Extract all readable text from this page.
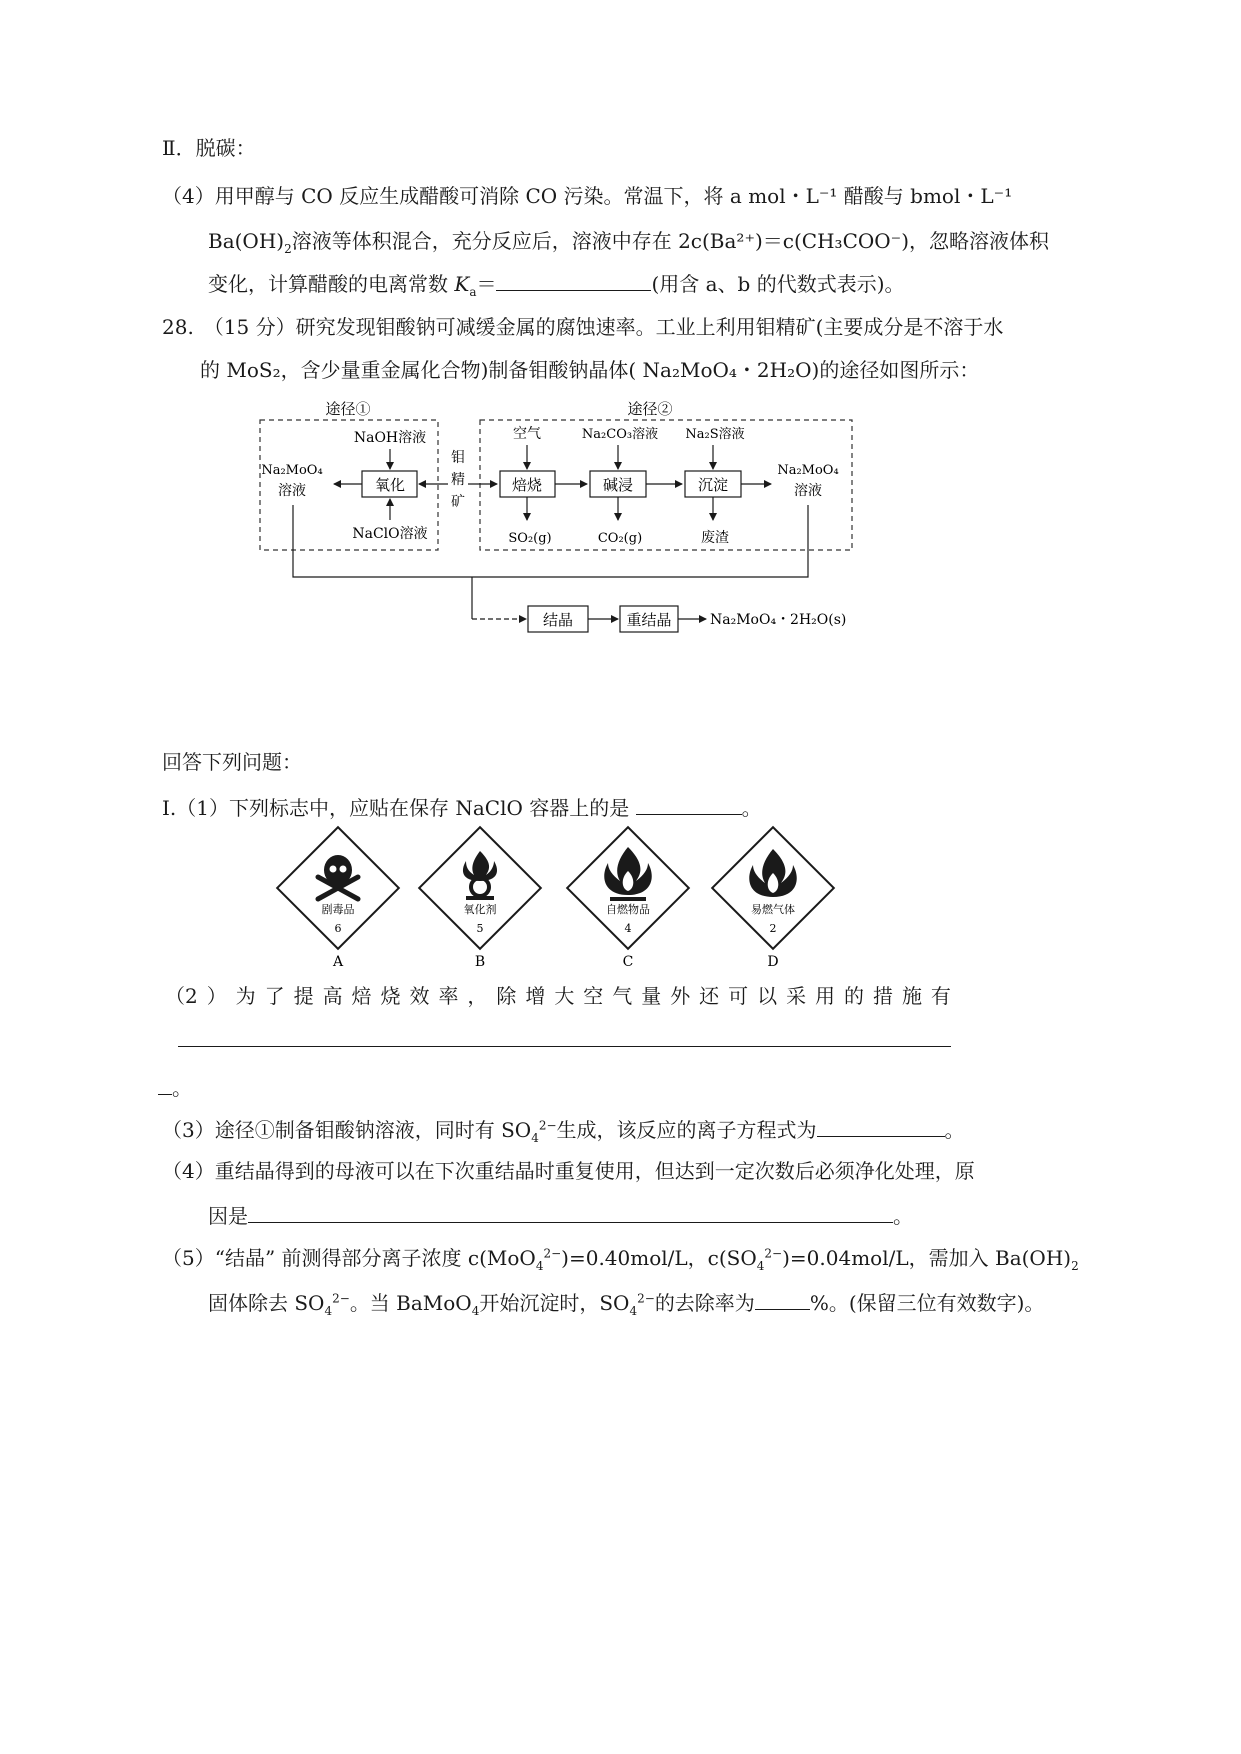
Ⅱ．脱碳：
（4）用甲醇与 CO 反应生成醋酸可消除 CO 污染。常温下，将 a mol・L⁻¹ 醋酸与 bmol・L⁻¹
$Ba(OH)_2$溶液等体积混合，充分反应后，溶液中存在 2c(Ba²⁺)＝c(CH₃COO⁻)，忽略溶液体积
变化，计算醋酸的电离常数 $K_a=$	(用含 a、b 的代数式表示)。
28.　（15 分）研究发现钼酸钠可减缓金属的腐蚀速率。工业上利用钼精矿(主要成分是不溶于水
的 MoS₂，含少量重金属化合物)制备钼酸钠晶体( Na₂MoO₄・2H₂O)的途径如图所示：
途径①	途径②
NaOH溶液
氧化
NaClO溶液
Na₂MoO₄
溶液
钼
精
矿
空气
焙烧
SO₂(g)
Na₂CO₃溶液
碱浸
CO₂(g)
Na₂S溶液
沉淀
废渣
Na₂MoO₄
溶液
结晶	重结晶	Na₂MoO₄・2H₂O(s)
回答下列问题：
Ⅰ.（1）下列标志中，应贴在保存 NaClO 容器上的是	。
剧毒品
6
A
氧化剂
5
B
自燃物品
4
C
易燃气体
2
D
（2 ） 为 了 提 高 焙 烧 效 率 ， 除 增 大 空 气 量 外 还 可 以 采 用 的 措 施 有
。
（3）途径①制备钼酸钠溶液，同时有 $SO_4^{2-}$生成，该反应的离子方程式为	。
（4）重结晶得到的母液可以在下次重结晶时重复使用，但达到一定次数后必须净化处理，原
因是	。
（5）“结晶” 前测得部分离子浓度 c(MoO$_4^{2-}$)=0.40mol/L，$c(SO_4^{2-})=0.04mol/L$，需加入 $Ba(OH)_2$
固体除去 $SO_4^{2-}$。当 BaMoO$_4$开始沉淀时，$SO_4^{2-}$的去除率为	%。(保留三位有效数字)。
